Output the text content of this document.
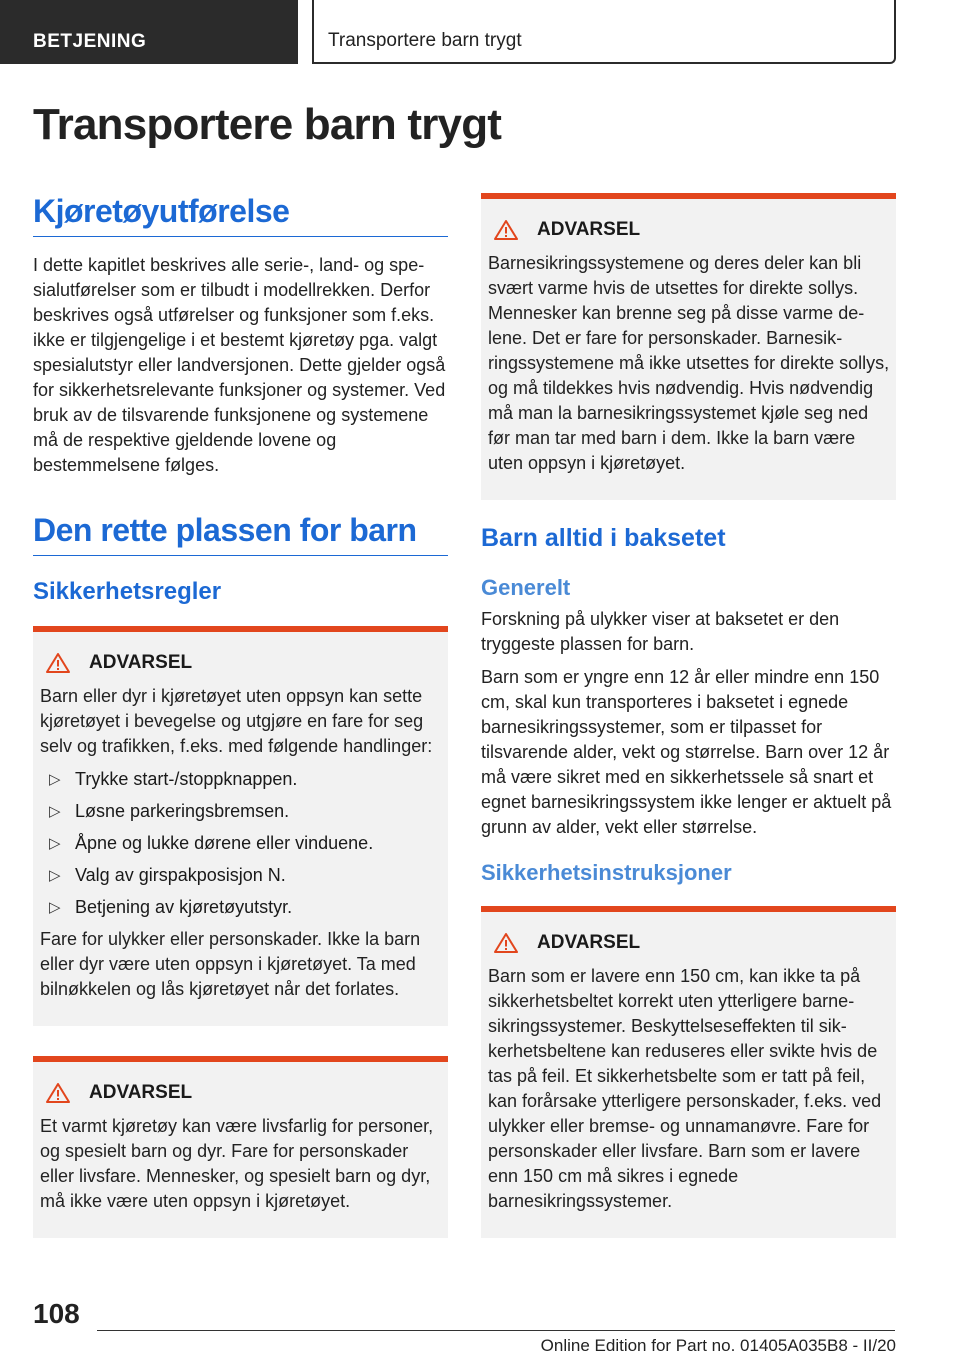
BETJENING	Transportere barn trygt
Transportere barn trygt
Kjøretøyutførelse

I dette kapitlet beskrives alle serie-, land- og spesialutførelser som er tilbudt i modellrekken. Derfor beskrives også utførelser og funksjoner som f.eks. ikke er tilgjengelige i et bestemt kjøretøy pga. valgt spesialutstyr eller landversjonen. Dette gjelder også for sikkerhetsrelevante funksjoner og systemer. Ved bruk av de tilsvarende funksjonene og systemene må de respektive gjeldende lovene og bestemmelsene følges.

Den rette plassen for barn
Sikkerhetsregler
ADVARSEL

Barn eller dyr i kjøretøyet uten oppsyn kan sette kjøretøyet i bevegelse og utgjøre en fare for seg selv og trafikken, f.eks. med følgende handlinger:

▷ Trykke start-/stoppknappen.
▷ Løsne parkeringsbremsen.
▷ Åpne og lukke dørene eller vinduene.
▷ Valg av girspakposisjon N.
▷ Betjening av kjøretøyutstyr.

Fare for ulykker eller personskader. Ikke la barn eller dyr være uten oppsyn i kjøretøyet. Ta med bilnøkkelen og lås kjøretøyet når det forlates.

ADVARSEL

Et varmt kjøretøy kan være livsfarlig for personer, og spesielt barn og dyr. Fare for personskader eller livsfare. Mennesker, og spesielt barn og dyr, må ikke være uten oppsyn i kjøretøyet.

ADVARSEL

Barnesikringssystemene og deres deler kan bli svært varme hvis de utsettes for direkte sollys. Mennesker kan brenne seg på disse varme delene. Det er fare for personskader. Barnesikringssystemene må ikke utsettes for direkte sollys, og må tildekkes hvis nødvendig. Hvis nødvendig må man la barnesikringssystemet kjøle seg ned før man tar med barn i dem. Ikke la barn være uten oppsyn i kjøretøyet.

Barn alltid i baksetet
Generelt

Forskning på ulykker viser at baksetet er den tryggeste plassen for barn.

Barn som er yngre enn 12 år eller mindre enn 150 cm, skal kun transporteres i baksetet i egnede barnesikringssystemer, som er tilpasset for tilsvarende alder, vekt og størrelse. Barn over 12 år må være sikret med en sikkerhetssele så snart et egnet barnesikringssystem ikke lenger er aktuelt på grunn av alder, vekt eller størrelse.

Sikkerhetsinstruksjoner
ADVARSEL

Barn som er lavere enn 150 cm, kan ikke ta på sikkerhetsbeltet korrekt uten ytterligere barnesikringssystemer. Beskyttelseseffekten til sikkerhetsbeltene kan reduseres eller svikte hvis de tas på feil. Et sikkerhetsbelte som er tatt på feil, kan forårsake ytterligere personskader, f.eks. ved ulykker eller bremse- og unnamanøvre. Fare for personskader eller livsfare. Barn som er lavere enn 150 cm må sikres i egnede barnesikringssystemer.

108
Online Edition for Part no. 01405A035B8 - II/20
